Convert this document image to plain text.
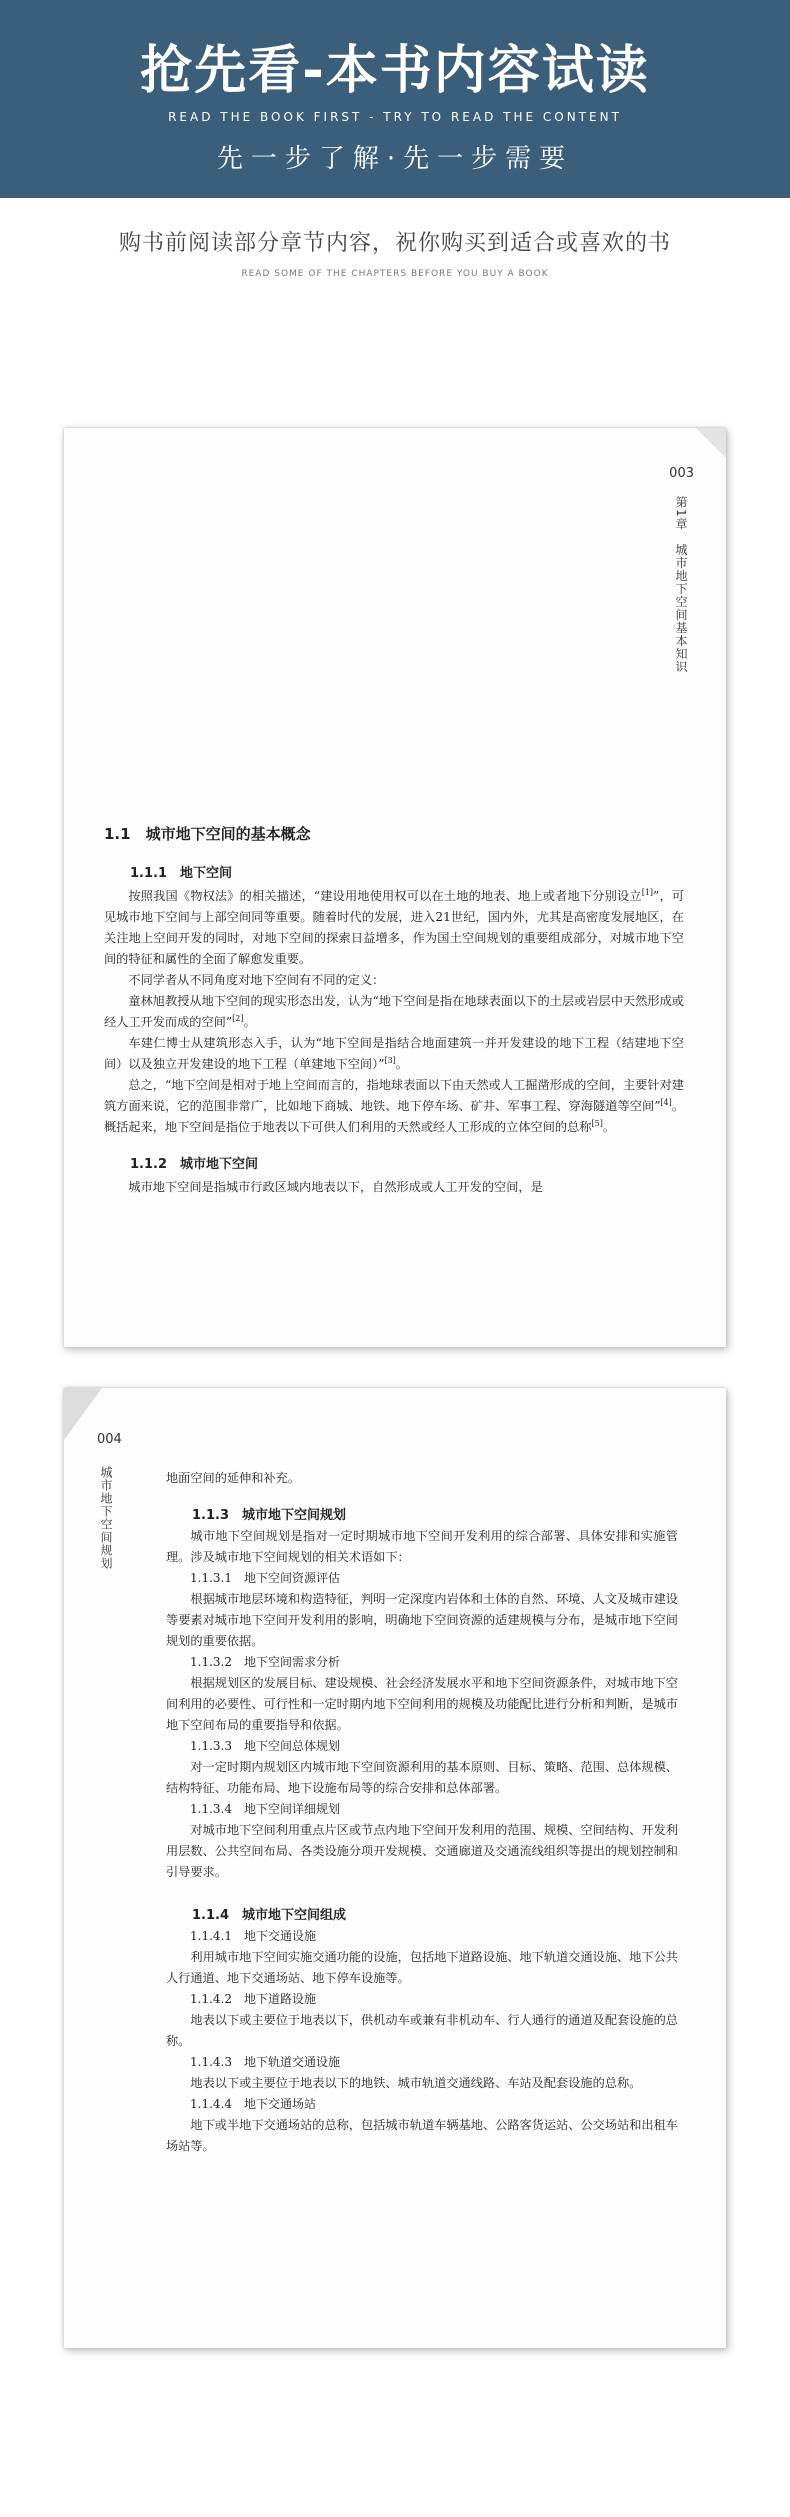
抢先看-本书内容试读
READ THE BOOK FIRST - TRY TO READ THE CONTENT
先一步了解·先一步需要
购书前阅读部分章节内容，祝你购买到适合或喜欢的书
READ SOME OF THE CHAPTERS BEFORE YOU BUY A BOOK
003
第1章　城市地下空间基本知识
1.1　城市地下空间的基本概念
1.1.1　地下空间

按照我国《物权法》的相关描述，“建设用地使用权可以在土地的地表、地上或者地下分别设立[1]”，可见城市地下空间与上部空间同等重要。随着时代的发展，进入21世纪，国内外，尤其是高密度发展地区，在关注地上空间开发的同时，对地下空间的探索日益增多，作为国土空间规划的重要组成部分，对城市地下空间的特征和属性的全面了解愈发重要。

不同学者从不同角度对地下空间有不同的定义：

童林旭教授从地下空间的现实形态出发，认为“地下空间是指在地球表面以下的土层或岩层中天然形成或经人工开发而成的空间”[2]。

车建仁博士从建筑形态入手，认为“地下空间是指结合地面建筑一并开发建设的地下工程（结建地下空间）以及独立开发建设的地下工程（单建地下空间）”[3]。

总之，“地下空间是相对于地上空间而言的，指地球表面以下由天然或人工掘凿形成的空间，主要针对建筑方面来说，它的范围非常广，比如地下商城、地铁、地下停车场、矿井、军事工程、穿海隧道等空间”[4]。概括起来，地下空间是指位于地表以下可供人们利用的天然或经人工形成的立体空间的总称[5]。

1.1.2　城市地下空间

城市地下空间是指城市行政区域内地表以下，自然形成或人工开发的空间，是

004
城市地下空间规划	地面空间的延伸和补充。

1.1.3　城市地下空间规划

城市地下空间规划是指对一定时期城市地下空间开发利用的综合部署、具体安排和实施管理。涉及城市地下空间规划的相关术语如下：

1.1.3.1　地下空间资源评估

根据城市地层环境和构造特征，判明一定深度内岩体和土体的自然、环境、人文及城市建设等要素对城市地下空间开发利用的影响，明确地下空间资源的适建规模与分布，是城市地下空间规划的重要依据。

1.1.3.2　地下空间需求分析

根据规划区的发展目标、建设规模、社会经济发展水平和地下空间资源条件，对城市地下空间利用的必要性、可行性和一定时期内地下空间利用的规模及功能配比进行分析和判断，是城市地下空间布局的重要指导和依据。

1.1.3.3　地下空间总体规划

对一定时期内规划区内城市地下空间资源利用的基本原则、目标、策略、范围、总体规模、结构特征、功能布局、地下设施布局等的综合安排和总体部署。

1.1.3.4　地下空间详细规划

对城市地下空间利用重点片区或节点内地下空间开发利用的范围、规模、空间结构、开发利用层数、公共空间布局、各类设施分项开发规模、交通廊道及交通流线组织等提出的规划控制和引导要求。

1.1.4　城市地下空间组成
1.1.4.1　地下交通设施

利用城市地下空间实施交通功能的设施，包括地下道路设施、地下轨道交通设施、地下公共人行通道、地下交通场站、地下停车设施等。

1.1.4.2　地下道路设施

地表以下或主要位于地表以下，供机动车或兼有非机动车、行人通行的通道及配套设施的总称。

1.1.4.3　地下轨道交通设施

地表以下或主要位于地表以下的地铁、城市轨道交通线路、车站及配套设施的总称。

1.1.4.4　地下交通场站

地下或半地下交通场站的总称，包括城市轨道车辆基地、公路客货运站、公交场站和出租车场站等。
